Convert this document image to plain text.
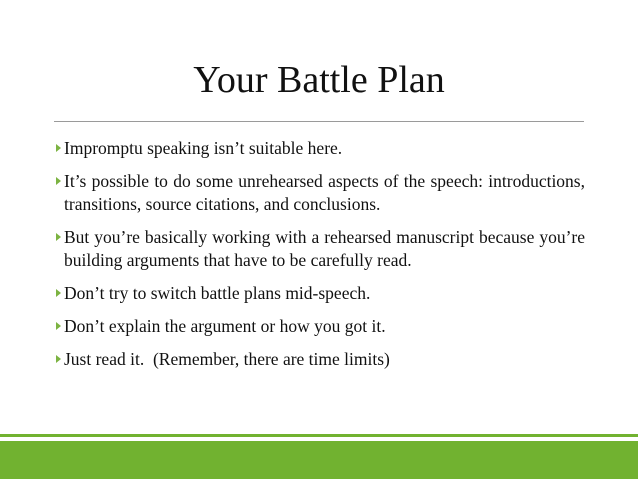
Your Battle Plan
Impromptu speaking isn’t suitable here.
It’s possible to do some unrehearsed aspects of the speech: introductions, transitions, source citations, and conclusions.
But you’re basically working with a rehearsed manuscript because you’re building arguments that have to be carefully read.
Don’t try to switch battle plans mid-speech.
Don’t explain the argument or how you got it.
Just read it.  (Remember, there are time limits)
